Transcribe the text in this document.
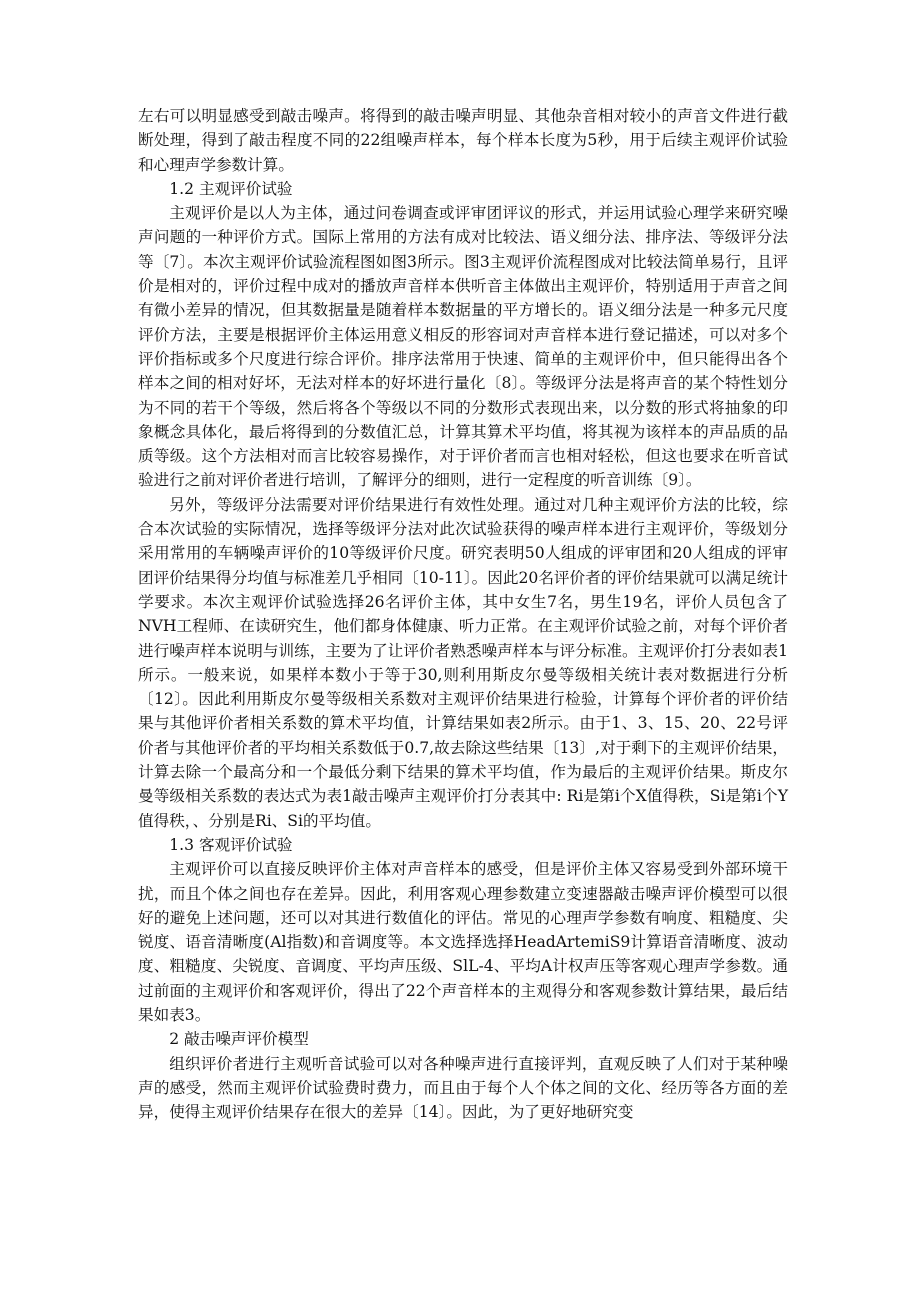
左右可以明显感受到敲击噪声。将得到的敲击噪声明显、其他杂音相对较小的声音文件进行截断处理，得到了敲击程度不同的22组噪声样本，每个样本长度为5秒，用于后续主观评价试验和心理声学参数计算。

1.2 主观评价试验

主观评价是以人为主体，通过问卷调查或评审团评议的形式，并运用试验心理学来研究噪声问题的一种评价方式。国际上常用的方法有成对比较法、语义细分法、排序法、等级评分法等〔7〕。本次主观评价试验流程图如图3所示。图3主观评价流程图成对比较法简单易行，且评价是相对的，评价过程中成对的播放声音样本供听音主体做出主观评价，特别适用于声音之间有微小差异的情况，但其数据量是随着样本数据量的平方增长的。语义细分法是一种多元尺度评价方法，主要是根据评价主体运用意义相反的形容词对声音样本进行登记描述，可以对多个评价指标或多个尺度进行综合评价。排序法常用于快速、简单的主观评价中，但只能得出各个样本之间的相对好坏，无法对样本的好坏进行量化〔8〕。等级评分法是将声音的某个特性划分为不同的若干个等级，然后将各个等级以不同的分数形式表现出来，以分数的形式将抽象的印象概念具体化，最后将得到的分数值汇总，计算其算术平均值，将其视为该样本的声品质的品质等级。这个方法相对而言比较容易操作，对于评价者而言也相对轻松，但这也要求在听音试验进行之前对评价者进行培训，了解评分的细则，进行一定程度的听音训练〔9〕。

另外，等级评分法需要对评价结果进行有效性处理。通过对几种主观评价方法的比较，综合本次试验的实际情况，选择等级评分法对此次试验获得的噪声样本进行主观评价，等级划分采用常用的车辆噪声评价的10等级评价尺度。研究表明50人组成的评审团和20人组成的评审团评价结果得分均值与标准差几乎相同〔10-11〕。因此20名评价者的评价结果就可以满足统计学要求。本次主观评价试验选择26名评价主体，其中女生7名，男生19名，评价人员包含了NVH工程师、在读研究生，他们都身体健康、听力正常。在主观评价试验之前，对每个评价者进行噪声样本说明与训练，主要为了让评价者熟悉噪声样本与评分标准。主观评价打分表如表1所示。一般来说，如果样本数小于等于30,则利用斯皮尔曼等级相关统计表对数据进行分析〔12〕。因此利用斯皮尔曼等级相关系数对主观评价结果进行检验，计算每个评价者的评价结果与其他评价者相关系数的算术平均值，计算结果如表2所示。由于1、3、15、20、22号评价者与其他评价者的平均相关系数低于0.7,故去除这些结果〔13〕,对于剩下的主观评价结果，计算去除一个最高分和一个最低分剩下结果的算术平均值，作为最后的主观评价结果。斯皮尔曼等级相关系数的表达式为表1敲击噪声主观评价打分表其中: Ri是第i个X值得秩，Si是第i个Y值得秩，、分别是Ri、Si的平均值。

1.3 客观评价试验

主观评价可以直接反映评价主体对声音样本的感受，但是评价主体又容易受到外部环境干扰，而且个体之间也存在差异。因此，利用客观心理参数建立变速器敲击噪声评价模型可以很好的避免上述问题，还可以对其进行数值化的评估。常见的心理声学参数有响度、粗糙度、尖锐度、语音清晰度(Al指数)和音调度等。本文选择选择HeadArtemiS9计算语音清晰度、波动度、粗糙度、尖锐度、音调度、平均声压级、SlL-4、平均A计权声压等客观心理声学参数。通过前面的主观评价和客观评价，得出了22个声音样本的主观得分和客观参数计算结果，最后结果如表3。

2 敲击噪声评价模型

组织评价者进行主观听音试验可以对各种噪声进行直接评判，直观反映了人们对于某种噪声的感受，然而主观评价试验费时费力，而且由于每个人个体之间的文化、经历等各方面的差异，使得主观评价结果存在很大的差异〔14〕。因此，为了更好地研究变
